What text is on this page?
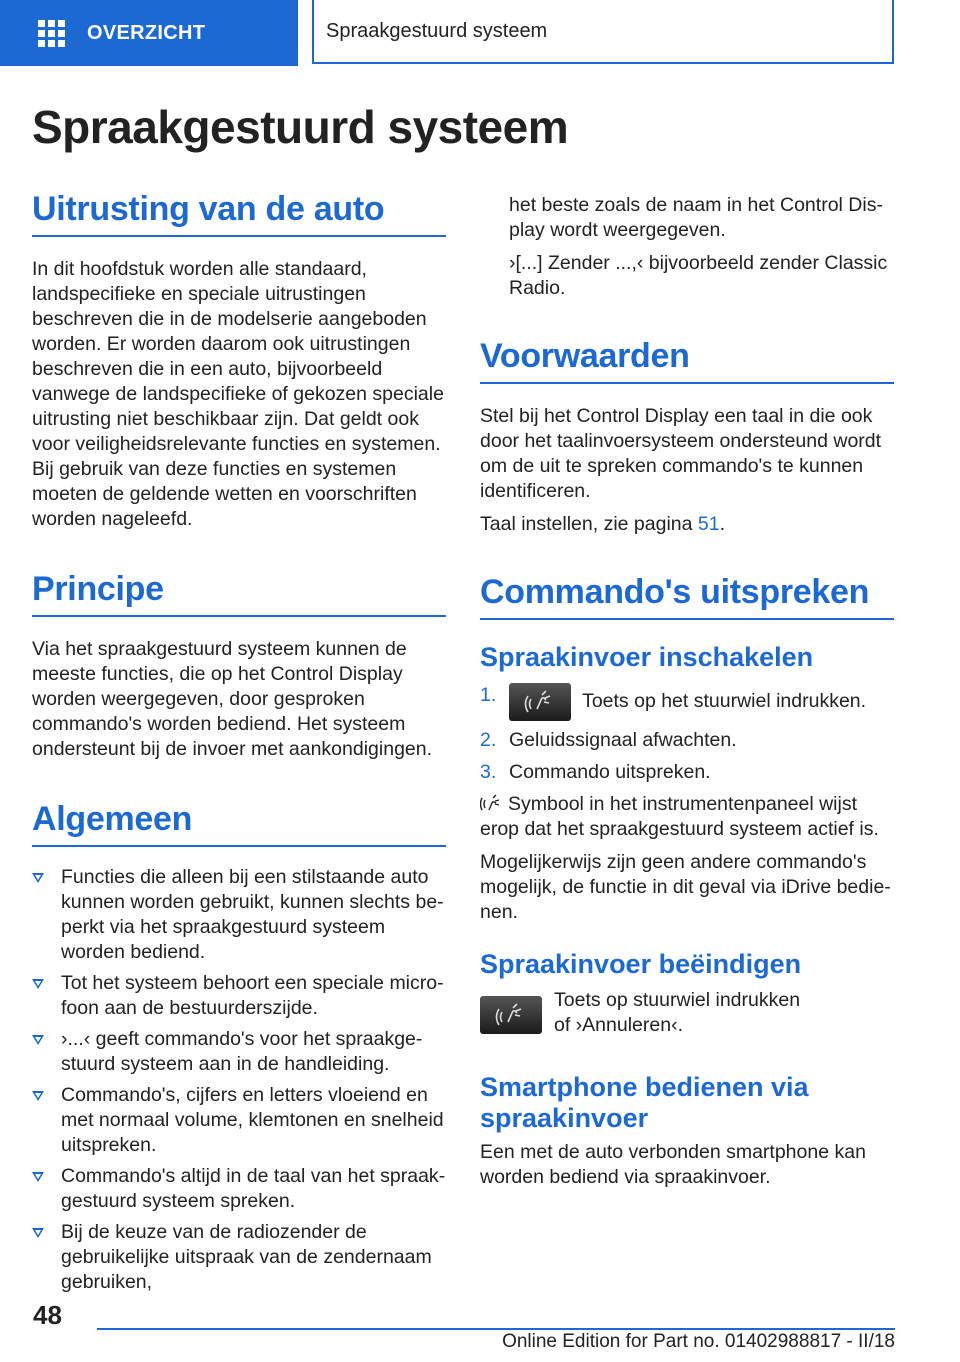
OVERZICHT	Spraakgestuurd systeem
Spraakgestuurd systeem
Uitrusting van de auto

In dit hoofdstuk worden alle standaard, landspecifieke en speciale uitrustingen beschreven die in de modelserie aangeboden worden. Er worden daarom ook uitrustingen beschreven die in een auto, bijvoorbeeld vanwege de landspecifieke of gekozen speciale uitrusting niet beschikbaar zijn. Dat geldt ook voor veiligheidsrelevante functies en systemen. Bij gebruik van deze functies en systemen moeten de geldende wetten en voorschriften worden nageleefd.

Principe

Via het spraakgestuurd systeem kunnen de meeste functies, die op het Control Display worden weergegeven, door gesproken commando's worden bediend. Het systeem ondersteunt bij de invoer met aankondigingen.

Algemeen
Functies die alleen bij een stilstaande auto kunnen worden gebruikt, kunnen slechts beperkt via het spraakgestuurd systeem worden bediend.
Tot het systeem behoort een speciale microfoon aan de bestuurderszijde.
›...‹ geeft commando's voor het spraakgestuurd systeem aan in de handleiding.
Commando's, cijfers en letters vloeiend en met normaal volume, klemtonen en snelheid uitspreken.
Commando's altijd in de taal van het spraakgestuurd systeem spreken.
Bij de keuze van de radiozender de gebruikelijke uitspraak van de zendernaam gebruiken,

het beste zoals de naam in het Control Display wordt weergegeven.

›[...] Zender ...,‹ bijvoorbeeld zender Classic Radio.

Voorwaarden

Stel bij het Control Display een taal in die ook door het taalinvoersysteem ondersteund wordt om de uit te spreken commando's te kunnen identificeren.

Taal instellen, zie pagina 51.

Commando's uitspreken
Spraakinvoer inschakelen
1.	Toets op het stuurwiel indrukken.
2. Geluidssignaal afwachten.
3. Commando uitspreken.

Symbool in het instrumentenpaneel wijst erop dat het spraakgestuurd systeem actief is.

Mogelijkerwijs zijn geen andere commando's mogelijk, de functie in dit geval via iDrive bedienen.

Spraakinvoer beëindigen

Toets op stuurwiel indrukken of ›Annuleren‹.

Smartphone bedienen via spraakinvoer

Een met de auto verbonden smartphone kan worden bediend via spraakinvoer.

48
Online Edition for Part no. 01402988817 - II/18
